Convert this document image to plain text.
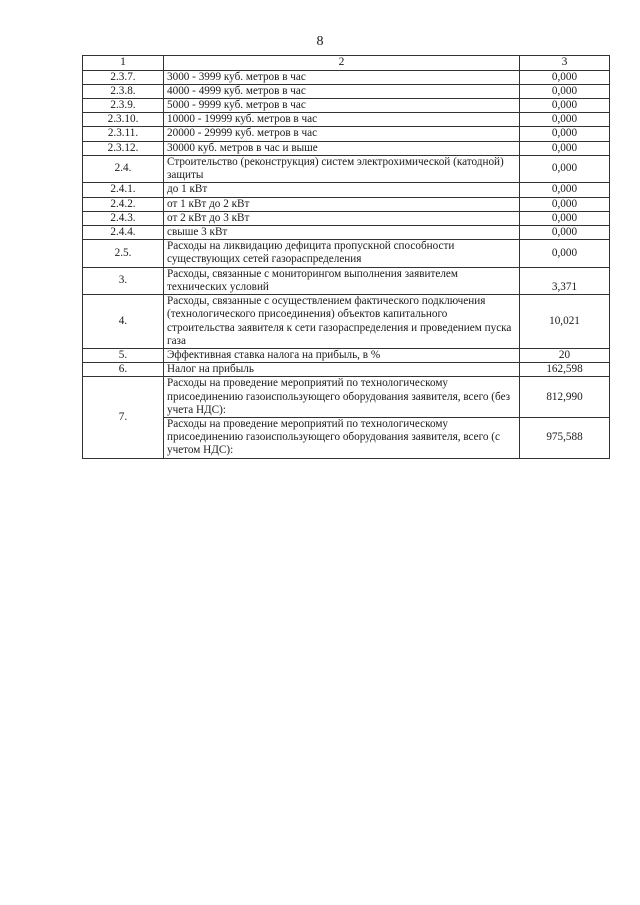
8
1	2	3
2.3.7.	3000 - 3999 куб. метров в час	0,000
2.3.8.	4000 - 4999 куб. метров в час	0,000
2.3.9.	5000 - 9999 куб. метров в час	0,000
2.3.10.	10000 - 19999 куб. метров в час	0,000
2.3.11.	20000 - 29999 куб. метров в час	0,000
2.3.12.	30000 куб. метров в час и выше	0,000
2.4.	Строительство (реконструкция) систем электрохимической (катодной) защиты	0,000
2.4.1.	до 1 кВт	0,000
2.4.2.	от 1 кВт до 2 кВт	0,000
2.4.3.	от 2 кВт до 3 кВт	0,000
2.4.4.	свыше 3 кВт	0,000
2.5.	Расходы на ликвидацию дефицита пропускной способности существующих сетей газораспределения	0,000
3.	Расходы, связанные с мониторингом выполнения заявителем технических условий	3,371
4.	Расходы, связанные с осуществлением фактического подключения (технологического присоединения) объектов капитального строительства заявителя к сети газораспределения и проведением пуска газа	10,021
5.	Эффективная ставка налога на прибыль, в %	20
6.	Налог на прибыль	162,598
7.	Расходы на проведение мероприятий по технологическому присоединению газоиспользующего оборудования заявителя, всего (без учета НДС):	812,990
	Расходы на проведение мероприятий по технологическому присоединению газоиспользующего оборудования заявителя, всего (с учетом НДС):	975,588
